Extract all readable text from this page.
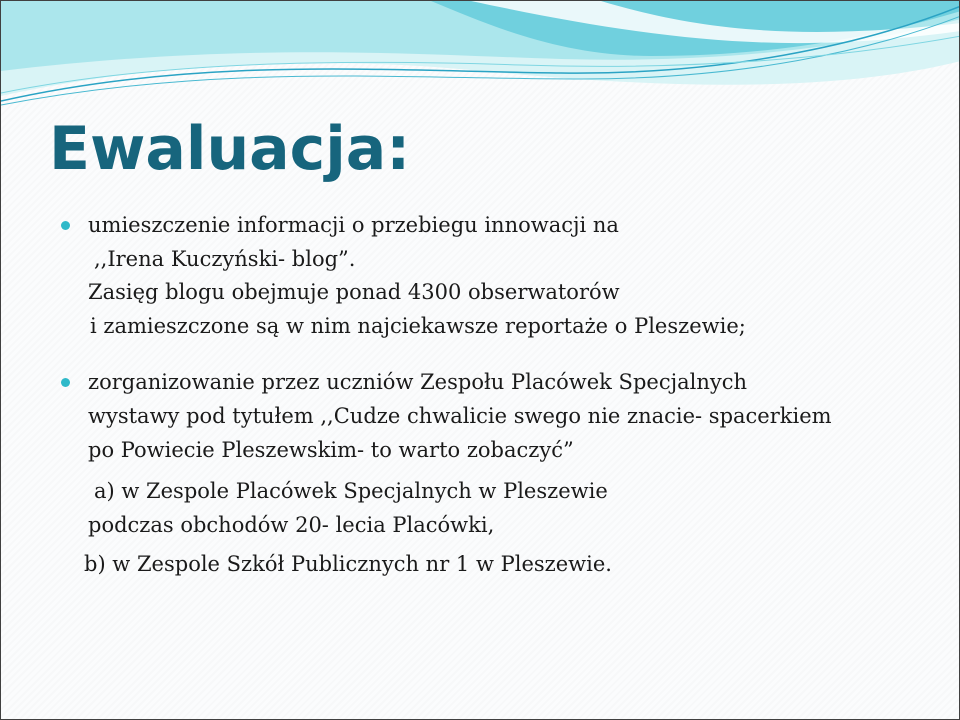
Ewaluacja:
umieszczenie informacji o przebiegu innowacji na
,,Irena Kuczyński- blog”.
Zasięg blogu obejmuje ponad 4300 obserwatorów
i zamieszczone są w nim najciekawsze reportaże o Pleszewie;
zorganizowanie przez uczniów Zespołu Placówek Specjalnych
wystawy pod tytułem ,,Cudze chwalicie swego nie znacie- spacerkiem
po Powiecie Pleszewskim- to warto zobaczyć”
a) w Zespole Placówek Specjalnych w Pleszewie
podczas obchodów 20- lecia Placówki,
b) w Zespole Szkół Publicznych nr 1 w Pleszewie.
